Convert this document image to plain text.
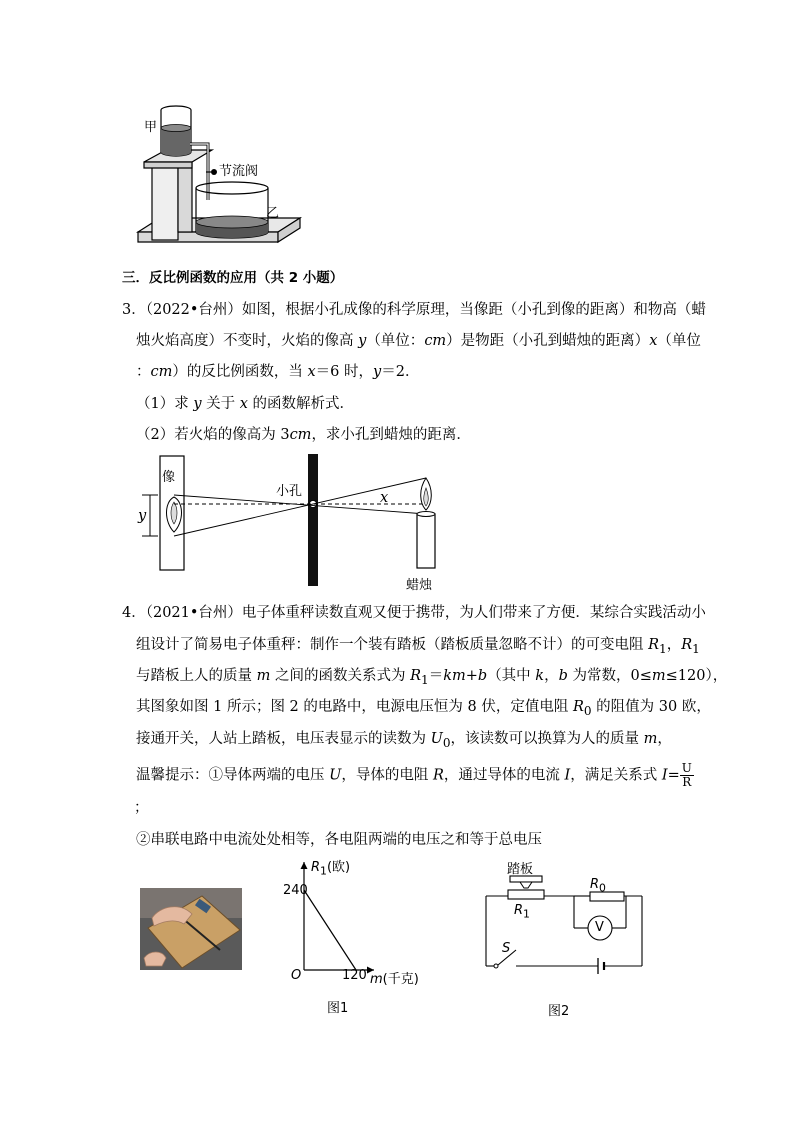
甲
节流阀
乙
三．反比例函数的应用（共 2 小题）
3．（2022•台州）如图，根据小孔成像的科学原理，当像距（小孔到像的距离）和物高（蜡
烛火焰高度）不变时，火焰的像高 y（单位：cm）是物距（小孔到蜡烛的距离）x（单位
：cm）的反比例函数，当 x＝6 时，y＝2．
（1）求 y 关于 x 的函数解析式．
（2）若火焰的像高为 3cm，求小孔到蜡烛的距离．
像
y
小孔	x
蜡烛
4．（2021•台州）电子体重秤读数直观又便于携带，为人们带来了方便．某综合实践活动小
组设计了简易电子体重秤：制作一个装有踏板（踏板质量忽略不计）的可变电阻 $R_1$，$R_1$
与踏板上人的质量 m 之间的函数关系式为 $R_1=km+b$（其中 k，b 为常数，0≤m≤120），
其图象如图 1 所示；图 2 的电路中，电源电压恒为 8 伏，定值电阻 $R_0$ 的阻值为 30 欧，
接通开关，人站上踏板，电压表显示的读数为 $U_0$，该读数可以换算为人的质量 m，
温馨提示：①导体两端的电压 U，导体的电阻 R，通过导体的电流 I，满足关系式 $I= \frac{U}{R}$
；
②串联电路中电流处处相等，各电阻两端的电压之和等于总电压
$R_1$(欧)
240
O	120 m(千克)
图1
踏板
$R_0$
$R_1$
V
S
图2
